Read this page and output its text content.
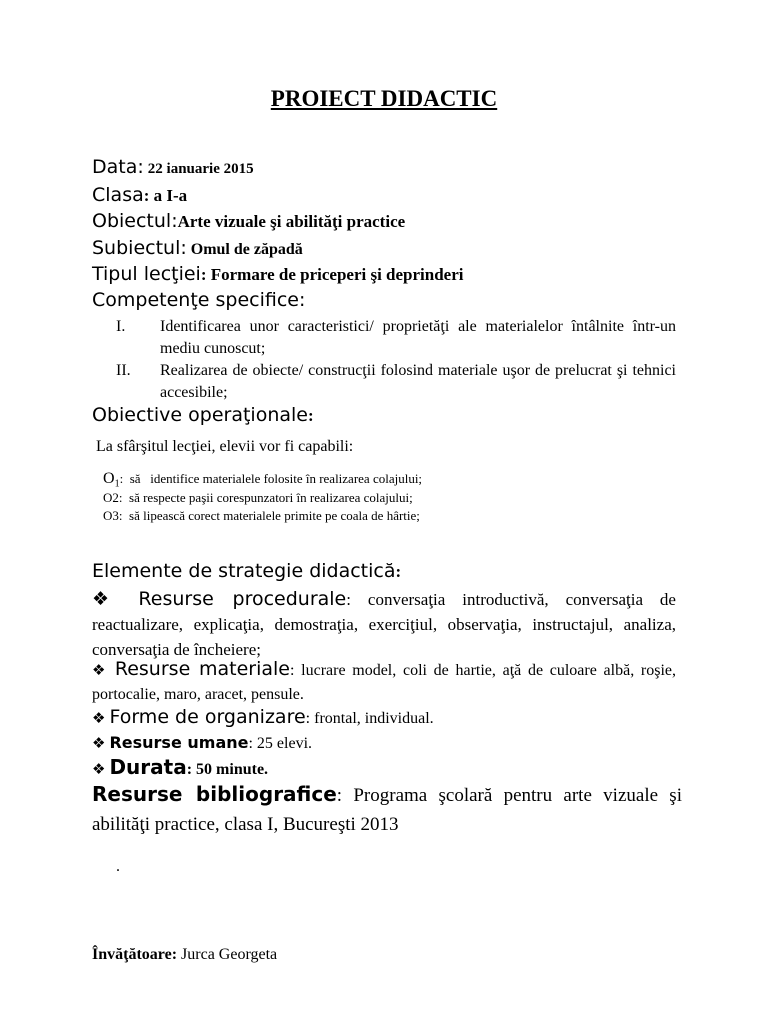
PROIECT DIDACTIC
Data: 22 ianuarie 2015
Clasa: a I-a
Obiectul:Arte vizuale şi abilităţi practice
Subiectul: Omul de zăpadă
Tipul lecţiei: Formare de priceperi şi deprinderi
Competenţe specifice:
I. Identificarea unor caracteristici/ proprietăţi ale materialelor întâlnite într-un mediu cunoscut;
II. Realizarea de obiecte/ construcţii folosind materiale uşor de prelucrat şi tehnici accesibile;
Obiective operaţionale:
La sfârşitul lecţiei, elevii vor fi capabili:
$O_1$:  să   identifice materialele folosite în realizarea colajului;
O2:  să respecte paşii corespunzatori în realizarea colajului;
O3:  să lipească corect materialele primite pe coala de hârtie;
Elemente de strategie didactică:
❖ Resurse procedurale: conversaţia introductivă, conversaţia de reactualizare, explicaţia, demostraţia, exerciţiul, observaţia, instructajul, analiza, conversaţia de încheiere;
❖ Resurse materiale: lucrare model, coli de hartie, aţă de culoare albă, roşie, portocalie, maro, aracet, pensule.
❖ Forme de organizare: frontal, individual.
❖ Resurse umane: 25 elevi.
❖ Durata: 50 minute.
Resurse bibliografice: Programa şcolară pentru arte vizuale şi abilităţi practice, clasa I, Bucureşti 2013
.
Învăţătoare: Jurca Georgeta
